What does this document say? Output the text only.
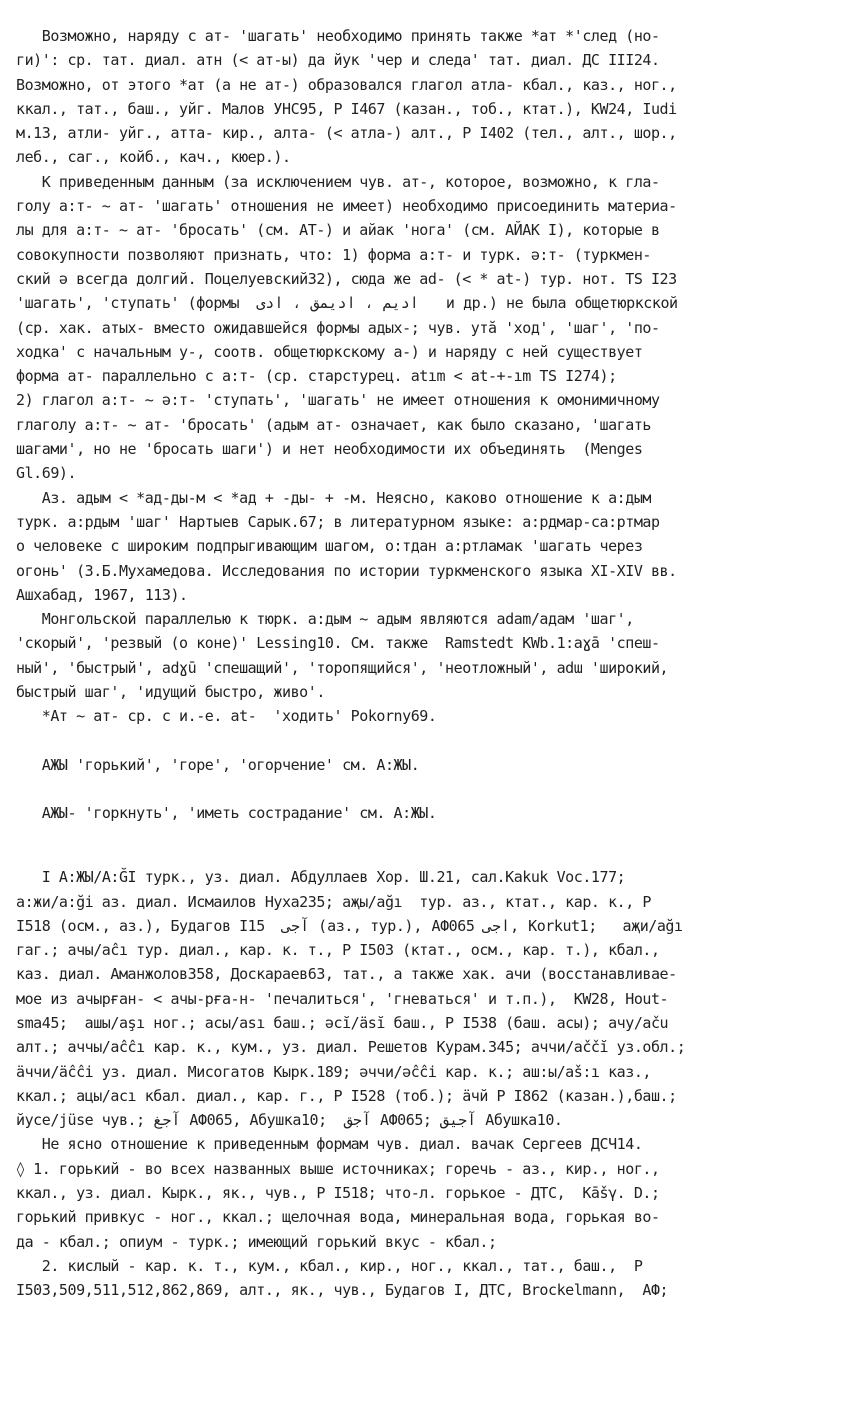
Возможно, наряду с ат- 'шагать' необходимо принять также *ат *'след (но-
ги)': ср. тат. диал. атн (< ат-ы) да йук 'чер и следа' тат. диал. ДС III24.
Возможно, от этого *ат (а не ат-) образовался глагол атла- кбал., каз., ног.,
ккал., тат., баш., уйг. Малов УНС95, Р I467 (казан., тоб., ктат.), KW24, Iudi
м.13, атли- уйг., атта- кир., алта- (< атла-) алт., Р I402 (тел., алт., шор.,
леб., саг., койб., кач., кюер.).

К приведенным данным (за исключением чув. ат-, которое, возможно, к гла-
голу а:т- ~ ат- 'шагать' отношения не имеет) необходимо присоединить материа-
лы для а:т- ~ ат- 'бросать' (см. АТ-) и айак 'нога' (см. АЙАК I), которые в
совокупности позволяют признать, что: 1) форма а:т- и турк. ә:т- (туркмен-
ский ә всегда долгий. Поцелуевский32), сюда же ad- (< * at-) тур. нот. TS I23
'шагать', 'ступать' (формы  ادیم ، ادیمق ، ادی   и др.) не была общетюркской
(ср. хак. атых- вместо ожидавшейся формы адых-; чув. утӑ 'ход', 'шаг', 'по-
ходка' с начальным у-, соотв. общетюркскому а-) и наряду с ней существует
форма ат- параллельно с а:т- (ср. старстурец. atım < at-+-ım TS I274);
2) глагол а:т- ~ ә:т- 'ступать', 'шагать' не имеет отношения к омонимичному
глаголу а:т- ~ ат- 'бросать' (адым ат- означает, как было сказано, 'шагать
шагами', но не 'бросать шаги') и нет необходимости их объединять  (Menges
Gl.69).

Аз. адым < *ад-ды-м < *ад + -ды- + -м. Неясно, каково отношение к а:дым
турк. а:рдым 'шаг' Нартыев Сарык.67; в литературном языке: а:рдмар-са:ртмар
о человеке с широким подпрыгивающим шагом, о:тдан а:ртламак 'шагать через
огонь' (З.Б.Мухамедова. Исследования по истории туркменского языка XI-XIV вв.
Ашхабад, 1967, 113).

Монгольской параллелью к тюрк. а:дым ~ адым являются adam/адам 'шаг',
'скорый', 'резвый (о коне)' Lessing10. См. также  Ramstedt KWb.1:aɣā 'спеш-
ный', 'быстрый', adɣū 'спешащий', 'торопящийся', 'неотложный', adɯ 'широкий,
быстрый шаг', 'идущий быстро, живо'.

*Ат ~ ат- ср. с и.-е. at-  'ходить' Pokorny69.

АЖЫ 'горький', 'горе', 'огорчение' см. А:ЖЫ.

АЖЫ- 'горкнуть', 'иметь сострадание' см. А:ЖЫ.

I А:ЖЫ/А:ĞI турк., уз. диал. Абдуллаев Хор. Ш.21, сал.Kakuk Voc.177;
а:жи/а:ğі аз. диал. Исмаилов Нуха235; аҗы/ağı  тур. аз., ктат., кар. к., Р
I518 (осм., аз.), Будагов I15  آجی (аз., тур.), АФ065 اجی, Korkut1;   аҗи/ağı
гаг.; ачы/aĉı тур. диал., кар. к. т., Р I503 (ктат., осм., кар. т.), кбал.,
каз. диал. Аманжолов358, Доскараев63, тат., а также хак. ачи (восстанавливае-
мое из ачырған- < ачы-рға-н- 'печалиться', 'гневаться' и т.п.),  KW28, Hout-
sma45;  ашы/aşı ног.; асы/ası баш.; әсĭ/äsĭ баш., Р I538 (баш. асы); ачу/aču
алт.; аччы/aĉĉı кар. к., кум., уз. диал. Решетов Курам.345; аччи/aččĭ уз.обл.;
äччи/äĉĉi уз. диал. Мисогатов Кырк.189; әччи/әĉĉi кар. к.; аш:ы/aš:ı каз.,
ккал.; ацы/acı кбал. диал., кар. г., Р I528 (тоб.); äчй Р I862 (казан.),баш.;
йусе/jüse чув.; آجغ АФ065, Абушка10;  آجق АФ065; آجیق Абушка10.

Не ясно отношение к приведенным формам чув. диал. вачак Сергеев ДСЧ14.
◊ 1. горький - во всех названных выше источниках; горечь - аз., кир., ног.,
ккал., уз. диал. Кырк., як., чув., Р I518; что-л. горькое - ДТС,  Kāšγ. D.;
горький привкус - ног., ккал.; щелочная вода, минеральная вода, горькая во-
да - кбал.; опиум - турк.; имеющий горький вкус - кбал.;

2. кислый - кар. к. т., кум., кбал., кир., ног., ккал., тат., баш.,  Р
I503,509,511,512,862,869, алт., як., чув., Будагов I, ДТС, Brockelmann,  АФ;
